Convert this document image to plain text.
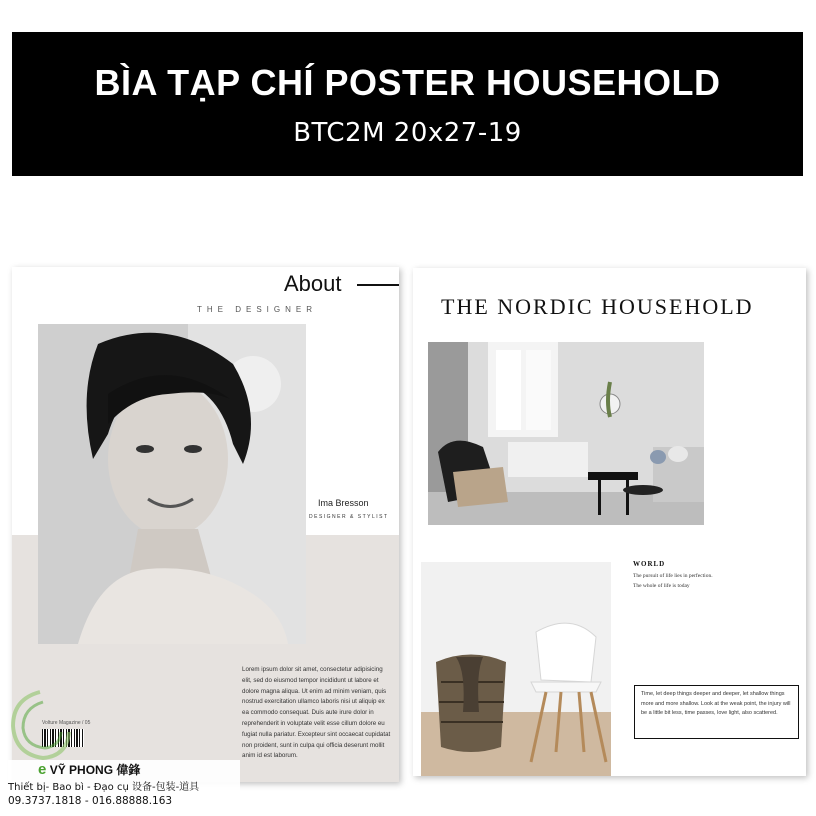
BÌA TẠP CHÍ POSTER HOUSEHOLD
BTC2M 20x27-19
About
THE DESIGNER
Ima Bresson
DESIGNER & STYLIST
Lorem ipsum dolor sit amet, consectetur adipisicing elit, sed do eiusmod tempor incididunt ut labore et dolore magna aliqua. Ut enim ad minim veniam, quis nostrud exercitation ullamco laboris nisi ut aliquip ex ea commodo consequat. Duis aute irure dolor in reprehenderit in voluptate velit esse cillum dolore eu fugiat nulla pariatur. Excepteur sint occaecat cupidatat non proident, sunt in culpa qui officia deserunt mollit anim id est laborum.
Volture Magazine / 05
THE NORDIC HOUSEHOLD
WORLD
The pursuit of life lies in perfection. The whole of life is today
Time, let deep things deeper and deeper, let shallow things more and more shallow. Look at the weak point, the injury will be a little bit less, time passes, love light, also scattered.
e VỸ PHONG 偉鋒
Thiết bị- Bao bì - Đạo cụ 设备-包装-道具
09.3737.1818 - 016.88888.163
